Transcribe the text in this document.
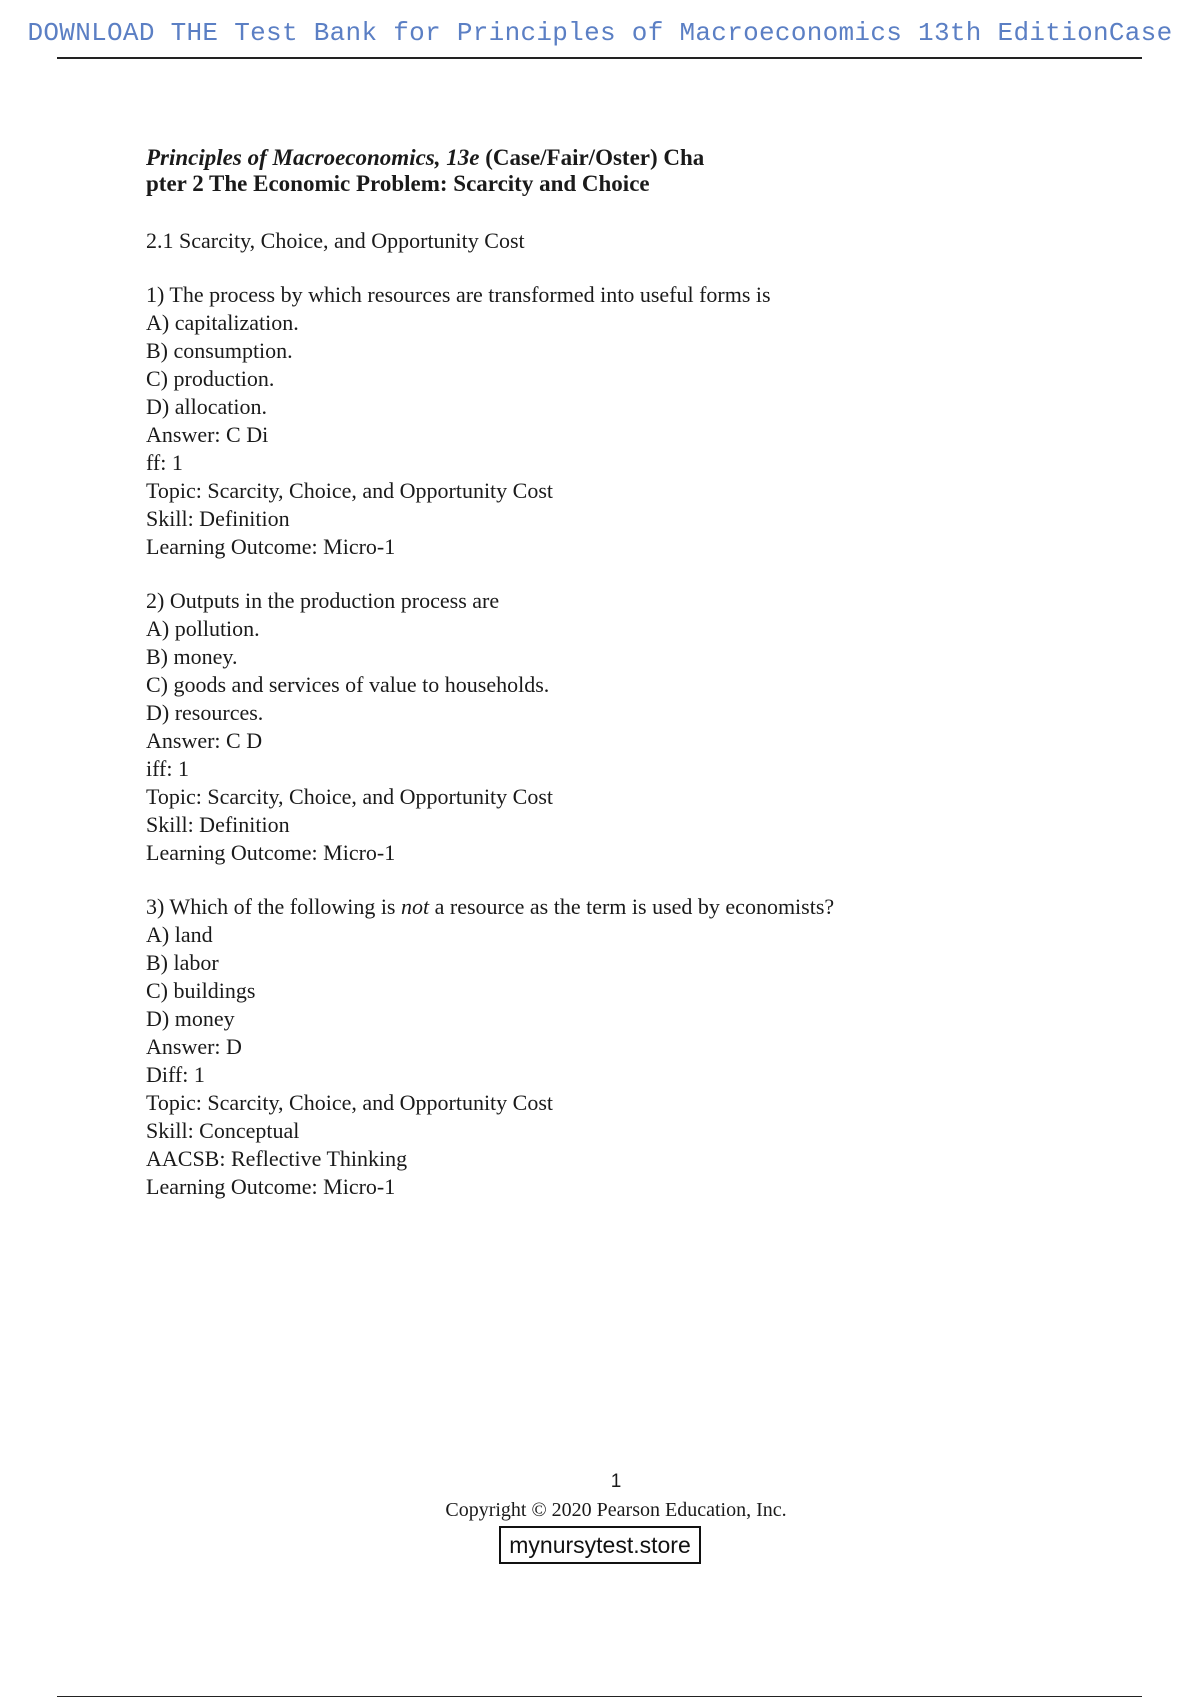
DOWNLOAD THE Test Bank for Principles of Macroeconomics 13th EditionCase
Principles of Macroeconomics, 13e (Case/Fair/Oster) Cha
pter 2 The Economic Problem: Scarcity and Choice
2.1 Scarcity, Choice, and Opportunity Cost
1) The process by which resources are transformed into useful forms is
A) capitalization.
B) consumption.
C) production.
D) allocation.
Answer: C Di
ff: 1
Topic: Scarcity, Choice, and Opportunity Cost
Skill: Definition
Learning Outcome: Micro-1
2) Outputs in the production process are
A) pollution.
B) money.
C) goods and services of value to households.
D) resources.
Answer: C D
iff: 1
Topic: Scarcity, Choice, and Opportunity Cost
Skill: Definition
Learning Outcome: Micro-1
3) Which of the following is not a resource as the term is used by economists?
A) land
B) labor
C) buildings
D) money
Answer: D
Diff: 1
Topic: Scarcity, Choice, and Opportunity Cost
Skill: Conceptual
AACSB: Reflective Thinking
Learning Outcome: Micro-1
1
Copyright © 2020 Pearson Education, Inc.
mynursytest.store
